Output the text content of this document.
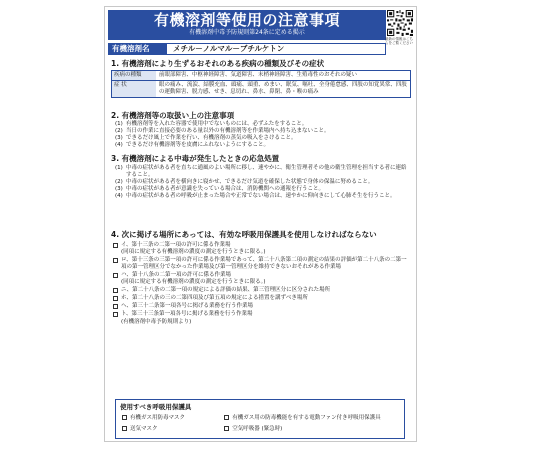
有機溶剤等使用の注意事項
有機溶剤中毒予防規則第24条に定める掲示
最新の情報はこちらをご覧ください
有機溶剤名	メチル－ノルマル－ブチルケトン
1. 有機溶剤により生ずるおそれのある疾病の種類及びその症状
疾病の種類	前眼部障害、中枢神経障害、気道障害、末梢神経障害、生殖毒性のおそれの疑い
症 状	眼の痛み、流涙、結膜充血、頭痛、頭重、めまい、眠気、嘔吐、全身倦怠感、四肢の知覚異常、四肢の運動障害、脱力感、せき、息切れ、鼻水、鼻閉、鼻・喉の痛み
2. 有機溶剤等の取扱い上の注意事項
(1) 有機溶剤等を入れた容器で使用中でないものには、必ずふたをすること。
(2) 当日の作業に直接必要のある量以外の有機溶剤等を作業場内へ持ち込まないこと。
(3) できるだけ風上で作業を行い、有機溶剤の蒸気の吸入をさけること。
(4) できるだけ有機溶剤等を皮膚にふれないようにすること。
3. 有機溶剤による中毒が発生したときの応急処置
(1) 中毒の症状がある者を直ちに通風のよい場所に移し、速やかに、衛生管理者その他の衛生管理を担当する者に連絡すること。
(2) 中毒の症状がある者を横向きに寝かせ、できるだけ気道を確保した状態で身体の保温に努めること。
(3) 中毒の症状がある者が意識を失っている場合は、消防機関への通報を行うこと。
(4) 中毒の症状がある者の呼吸が止まった場合や正常でない場合は、速やかに仰向きにして心肺そ生を行うこと。
4. 次に掲げる場所にあっては、有効な呼吸用保護具を使用しなければならない
イ、第十三条の二第一項の許可に係る作業場
(同項に規定する有機溶剤の濃度の測定を行うときに限る。)
ロ、第十三条の三第一項の許可に係る作業場であって、第二十八条第二項の測定の結果の評価が第二十八条の二第一項の第一管理区分でなかった作業場及び第一管理区分を維持できないおそれがある作業場
ハ、第十八条の二第一項の許可に係る作業場
(同項に規定する有機溶剤の濃度の測定を行うときに限る。)
ニ、第二十八条の二第一項の規定による評価の結果、第三管理区分に区分された場所
ホ、第二十八条の三の二第四項及び第五項の規定による措置を講ずべき場所
ヘ、第三十二条第一項各号に掲げる業務を行う作業場
ト、第三十三条第一項各号に掲げる業務を行う作業場
(有機溶剤中毒予防規則より)
使用すべき呼吸用保護具
有機ガス用防毒マスク	有機ガス用の防毒機能を有する電動ファン付き呼吸用保護具
送気マスク	空気呼吸器 (緊急時)
